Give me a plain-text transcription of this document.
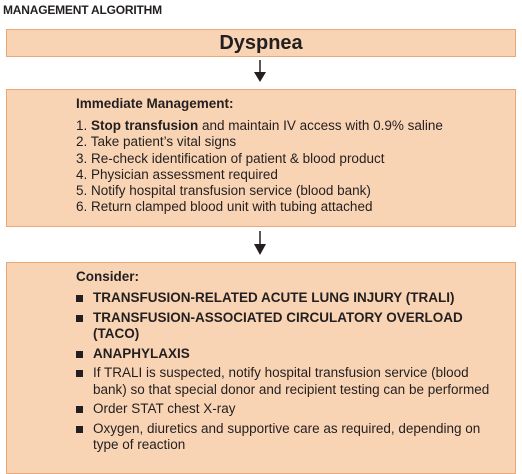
MANAGEMENT ALGORITHM
Dyspnea
Immediate Management:
1. Stop transfusion and maintain IV access with 0.9% saline
2. Take patient’s vital signs
3. Re-check identification of patient & blood product
4. Physician assessment required
5. Notify hospital transfusion service (blood bank)
6. Return clamped blood unit with tubing attached
Consider:
TRANSFUSION-RELATED ACUTE LUNG INJURY (TRALI)
TRANSFUSION-ASSOCIATED CIRCULATORY OVERLOAD (TACO)
ANAPHYLAXIS
If TRALI is suspected, notify hospital transfusion service (blood bank) so that special donor and recipient testing can be performed
Order STAT chest X-ray
Oxygen, diuretics and supportive care as required, depending on type of reaction
